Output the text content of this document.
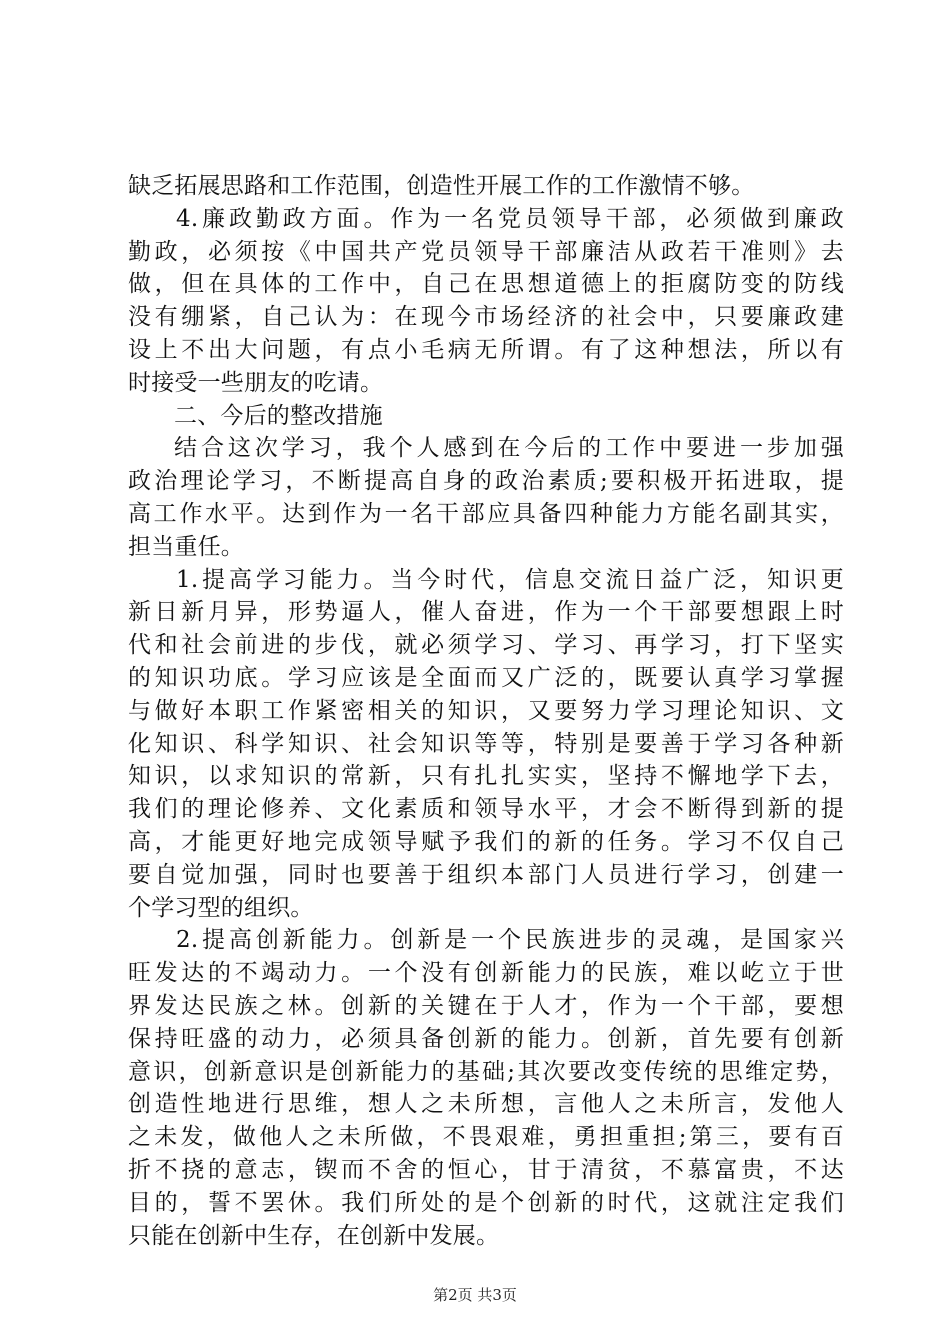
缺乏拓展思路和工作范围，创造性开展工作的工作激情不够。
4.廉政勤政方面。作为一名党员领导干部，必须做到廉政
勤政，必须按《中国共产党员领导干部廉洁从政若干准则》去
做，但在具体的工作中，自己在思想道德上的拒腐防变的防线
没有绷紧，自己认为：在现今市场经济的社会中，只要廉政建
设上不出大问题，有点小毛病无所谓。有了这种想法，所以有
时接受一些朋友的吃请。
二、今后的整改措施
结合这次学习，我个人感到在今后的工作中要进一步加强
政治理论学习，不断提高自身的政治素质;要积极开拓进取，提
高工作水平。达到作为一名干部应具备四种能力方能名副其实，
担当重任。
1.提高学习能力。当今时代，信息交流日益广泛，知识更
新日新月异，形势逼人，催人奋进，作为一个干部要想跟上时
代和社会前进的步伐，就必须学习、学习、再学习，打下坚实
的知识功底。学习应该是全面而又广泛的，既要认真学习掌握
与做好本职工作紧密相关的知识，又要努力学习理论知识、文
化知识、科学知识、社会知识等等，特别是要善于学习各种新
知识，以求知识的常新，只有扎扎实实，坚持不懈地学下去，
我们的理论修养、文化素质和领导水平，才会不断得到新的提
高，才能更好地完成领导赋予我们的新的任务。学习不仅自己
要自觉加强，同时也要善于组织本部门人员进行学习，创建一
个学习型的组织。
2.提高创新能力。创新是一个民族进步的灵魂，是国家兴
旺发达的不竭动力。一个没有创新能力的民族，难以屹立于世
界发达民族之林。创新的关键在于人才，作为一个干部，要想
保持旺盛的动力，必须具备创新的能力。创新，首先要有创新
意识，创新意识是创新能力的基础;其次要改变传统的思维定势，
创造性地进行思维，想人之未所想，言他人之未所言，发他人
之未发，做他人之未所做，不畏艰难，勇担重担;第三，要有百
折不挠的意志，锲而不舍的恒心，甘于清贫，不慕富贵，不达
目的，誓不罢休。我们所处的是个创新的时代，这就注定我们
只能在创新中生存，在创新中发展。
第2页 共3页
